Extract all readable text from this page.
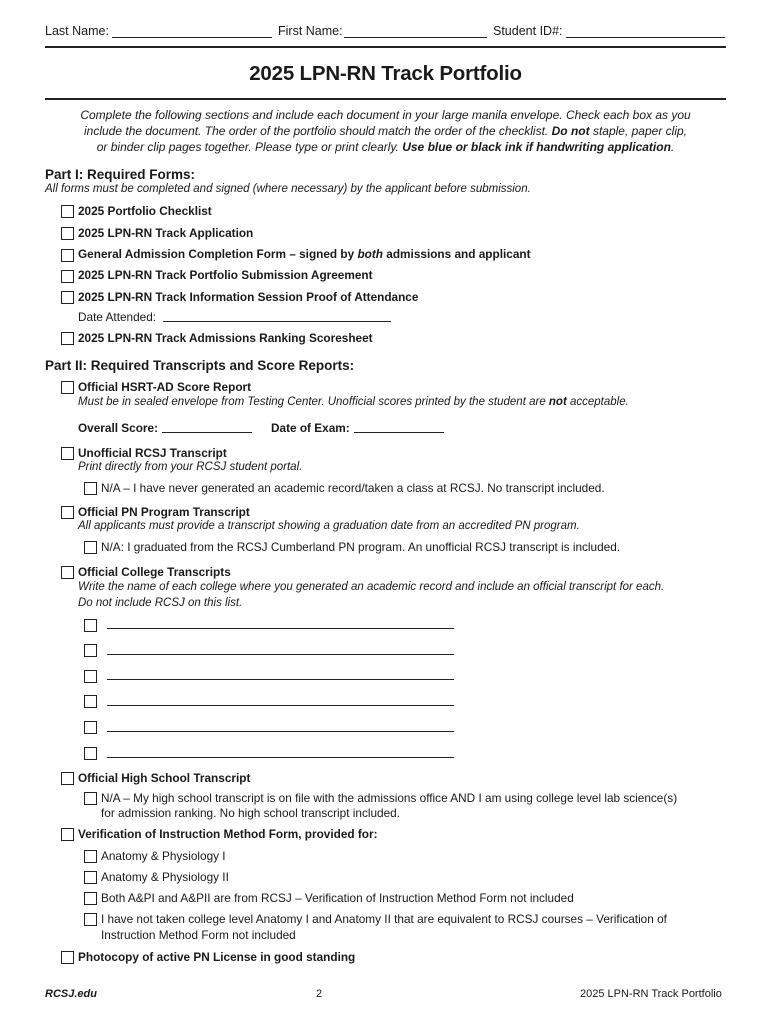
Last Name:	First Name:	Student ID#:
2025 LPN-RN Track Portfolio
Complete the following sections and include each document in your large manila envelope. Check each box as you
include the document. The order of the portfolio should match the order of the checklist. Do not staple, paper clip,
or binder clip pages together. Please type or print clearly. Use blue or black ink if handwriting application.
Part I: Required Forms:
All forms must be completed and signed (where necessary) by the applicant before submission.
2025 Portfolio Checklist
2025 LPN-RN Track Application
General Admission Completion Form – signed by both admissions and applicant
2025 LPN-RN Track Portfolio Submission Agreement
2025 LPN-RN Track Information Session Proof of Attendance
Date Attended:
2025 LPN-RN Track Admissions Ranking Scoresheet
Part II: Required Transcripts and Score Reports:
Official HSRT-AD Score Report
Must be in sealed envelope from Testing Center. Unofficial scores printed by the student are not acceptable.
Overall Score:	Date of Exam:
Unofficial RCSJ Transcript
Print directly from your RCSJ student portal.
N/A – I have never generated an academic record/taken a class at RCSJ. No transcript included.
Official PN Program Transcript
All applicants must provide a transcript showing a graduation date from an accredited PN program.
N/A: I graduated from the RCSJ Cumberland PN program. An unofficial RCSJ transcript is included.
Official College Transcripts
Write the name of each college where you generated an academic record and include an official transcript for each.
Do not include RCSJ on this list.
Official High School Transcript
N/A – My high school transcript is on file with the admissions office AND I am using college level lab science(s)
for admission ranking. No high school transcript included.
Verification of Instruction Method Form, provided for:
Anatomy & Physiology I
Anatomy & Physiology II
Both A&PI and A&PII are from RCSJ – Verification of Instruction Method Form not included
I have not taken college level Anatomy I and Anatomy II that are equivalent to RCSJ courses – Verification of
Instruction Method Form not included
Photocopy of active PN License in good standing
RCSJ.edu	2	2025 LPN-RN Track Portfolio
